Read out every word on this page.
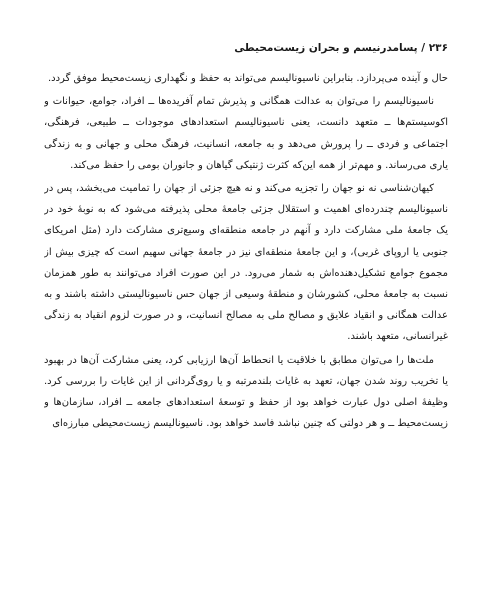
۲۳۶ / پسامدرنیسم و بحران زیست‌محیطی

حال و آینده می‌پردازد. بنابراین ناسیونالیسم می‌تواند به حفظ و نگهداری زیست‌محیط موفق گردد.

ناسیونالیسم را می‌توان به عدالت همگانی و پذیرش تمام آفریده‌ها ــ افراد، جوامع، حیوانات و اکوسیستم‌ها ــ متعهد دانست، یعنی ناسیونالیسم استعدادهای موجودات ــ طبیعی، فرهنگی، اجتماعی و فردی ــ را پرورش می‌دهد و به جامعه، انسانیت، فرهنگ محلی و جهانی و به زندگی یاری می‌رساند. و مهم‌تر از همه این‌که کثرت ژنتیکی گیاهان و جانوران بومی را حفظ می‌کند.

کیهان‌شناسی نه نو جهان را تجزیه می‌کند و نه هیچ جزئی از جهان را تمامیت می‌بخشد، پس در ناسیونالیسم چندرده‌ای اهمیت و استقلال جزئی جامعهٔ محلی پذیرفته می‌شود که به نوبهٔ خود در یک جامعهٔ ملی مشارکت دارد و آنهم در جامعه منطقه‌ای وسیع‌تری مشارکت دارد (مثل امریکای جنوبی یا اروپای غربی)، و این جامعهٔ منطقه‌ای نیز در جامعهٔ جهانی سهیم است که چیزی بیش از مجموع جوامع تشکیل‌دهنده‌اش به شمار می‌رود. در این صورت افراد می‌توانند به طور همزمان نسبت به جامعهٔ محلی، کشورشان و منطقهٔ وسیعی از جهان حس ناسیونالیستی داشته باشند و به عدالت همگانی و انقیاد علایق و مصالح ملی به مصالح انسانیت، و در صورت لزوم انقیاد به زندگی غیرانسانی، متعهد باشند.

ملت‌ها را می‌توان مطابق با خلاقیت یا انحطاط آن‌ها ارزیابی کرد، یعنی مشارکت آن‌ها در بهبود یا تخریب روند شدن جهان، تعهد به غایات بلندمرتبه و یا روی‌گردانی از این غایات را بررسی کرد. وظیفهٔ اصلی دول عبارت خواهد بود از حفظ و توسعهٔ استعدادهای جامعه ــ افراد، سازمان‌ها و زیست‌محیط ــ و هر دولتی که چنین نباشد فاسد خواهد بود. ناسیونالیسم زیست‌محیطی مبارزه‌ای
